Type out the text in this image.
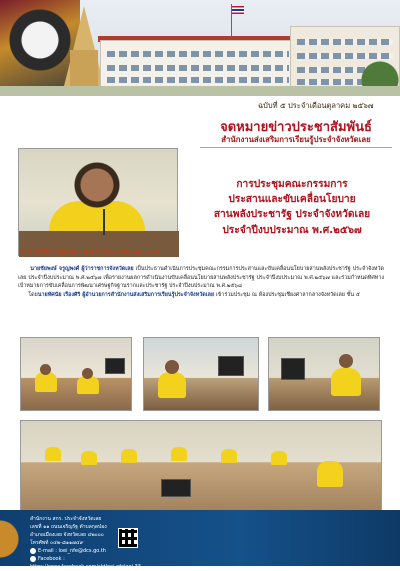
ฉบับที่ ๕ ประจำเดือนตุลาคม ๒๕๖๗
จดหมายข่าวประชาสัมพันธ์
สำนักงานส่งเสริมการเรียนรู้ประจำจังหวัดเลย
วันจันทร์ที่ ๗ ตุลาคม พ.ศ.๒๕๖๗ เวลา ๑๔.๐๐ น.
การประชุมคณะกรรมการ
ประสานและขับเคลื่อนโยบาย
สานพลังประชารัฐ ประจำจังหวัดเลย
ประจำปีงบประมาณ พ.ศ.๒๕๖๗

นายชัยพงษ์ จรูญพงศ์ ผู้ว่าราชการจังหวัดเลย เป็นประธานดำเนินการประชุมคณะกรรมการประสานและขับเคลื่อนนโยบายสานพลังประชารัฐ ประจำจังหวัดเลย ประจำปีงบประมาณ พ.ศ.๒๕๖๗ เพื่อรายงานผลการดำเนินงานขับเคลื่อนนโยบายสานพลังประชารัฐ ประจำปีงบประมาณ พ.ศ.๒๕๖๗ และร่วมกำหนดทิศทาง เป้าหมายการขับเคลื่อนการพัฒนาเศรษฐกิจฐานรากและประชารัฐ ประจำปีงบประมาณ พ.ศ.๒๕๖๘

โดยนายทัศนัย เรืองศิริ ผู้อำนวยการสำนักงานส่งเสริมการเรียนรู้ประจำจังหวัดเลย เข้าร่วมประชุม ณ ห้องประชุมเชียงศาลากลางจังหวัดเลย ชั้น ๕

สำนักงาน สกร. ประจำจังหวัดเลย
เลขที่ ๑๑ ถนนเจริญรัฐ ตำบลกุดป่อง
อำเภอเมืองเลย จังหวัดเลย ๔๒๐๐๐
โทรศัพท์ ๐๔๒-๘๑๑๗๔๙
E-mail : loei_nfe@dcs.go.th
Facebook :
https://www.facebook.com/sktloei.nfeloei.33
